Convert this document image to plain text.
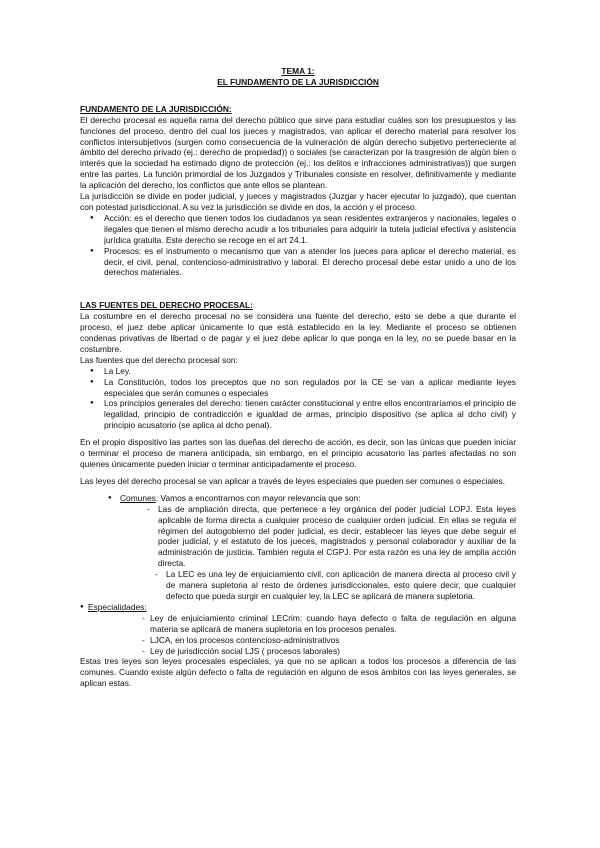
TEMA 1:

EL FUNDAMENTO DE LA JURISDICCIÓN

FUNDAMENTO DE LA JURISDICCIÓN:

El derecho procesal es aquella rama del derecho público que sirve para estudiar cuáles son los presupuestos y las funciones del proceso, dentro del cual los jueces y magistrados, van aplicar el derecho material para resolver los conflictos intersubjetivos (surgen como consecuencia de la vulneración de algún derecho subjetivo perteneciente al ámbito del derecho privado (ej.: derecho de propiedad)) o sociales (se caracterizan por la trasgresión de algún bien o interés que la sociedad ha estimado digno de protección (ej.: los delitos e infracciones administrativas)) que surgen entre las partes. La función primordial de los Juzgados y Tribunales consiste en resolver, definitivamente y mediante la aplicación del derecho, los conflictos que ante ellos se plantean.

La jurisdicción se divide en poder judicial, y jueces y magistrados (Juzgar y hacer ejecutar lo juzgado), que cuentan con potestad jurisdiccional. A su vez la jurisdicción se divide en dos, la acción y el proceso.

● Acción: es el derecho que tienen todos los ciudadanos ya sean residentes extranjeros y nacionales, legales o ilegales que tienen el mismo derecho acudir a los tribunales para adquirir la tutela judicial efectiva y asistencia jurídica gratuita. Este derecho se recoge en el art 24.1.
● Procesos: es el instrumento o mecanismo que van a atender los jueces para aplicar el derecho material, es decir, el civil, penal, contencioso-administrativo y laboral. El derecho procesal debe estar unido a uno de los derechos materiales.

LAS FUENTES DEL DERECHO PROCESAL:

La costumbre en el derecho procesal no se considera una fuente del derecho, esto se debe a que durante el proceso, el juez debe aplicar únicamente lo que está establecido en la ley. Mediante el proceso se obtienen condenas privativas de libertad o de pagar y el juez debe aplicar lo que ponga en la ley, no se puede basar en la costumbre.

Las fuentes que del derecho procesal son:

● La Ley.
● La Constitución, todos los preceptos que no son regulados por la CE se van a aplicar mediante leyes especiales que serán comunes o especiales
● Los principios generales del derecho: tienen carácter constitucional y entre ellos encontraríamos el principio de legalidad, principio de contradicción e igualdad de armas, principio dispositivo (se aplica al dcho civil) y principio acusatorio (se aplica al dcho penal).

En el propio dispositivo las partes son las dueñas del derecho de acción, es decir, son las únicas que pueden iniciar o terminar el proceso de manera anticipada, sin embargo, en el principio acusatorio las partes afectadas no son quienes únicamente pueden iniciar o terminar anticipadamente el proceso.

Las leyes del derecho procesal se van aplicar a través de leyes especiales que pueden ser comunes o especiales.

● Comunes: Vamos a encontrarnos con mayor relevancia que son:
- Las de ampliación directa, que pertenece a ley orgánica del poder judicial LOPJ. Esta leyes aplicable de forma directa a cualquier proceso de cualquier orden judicial. En ellas se regula el régimen del autogobierno del poder judicial, es decir, establecer las leyes que debe seguir el poder judicial, y el estatuto de los jueces, magistrados y personal colaborador y auxiliar de la administración de justicia. También regula el CGPJ. Por esta razón es una ley de amplia acción directa.
- La LEC es una ley de enjuiciamiento civil, con aplicación de manera directa al proceso civil y de manera supletoria al resto de órdenes jurisdiccionales, esto quiere decir, que cualquier defecto que pueda surgir en cualquier ley, la LEC se aplicará de manera supletoria.
● Especialidades:
- Ley de enjuiciamiento criminal LECrim: cuando haya defecto o falta de regulación en alguna materia se aplicará de manera supletoria en los procesos penales.
- LJCA, en los procesos contencioso-administrativos
- Ley de jurisdicción social LJS ( procesos laborales)

Estas tres leyes son leyes procesales especiales, ya que no se aplican a todos los procesos a diferencia de las comunes. Cuando existe algún defecto o falta de regulación en alguno de esos ámbitos con las leyes generales, se aplican estas.
